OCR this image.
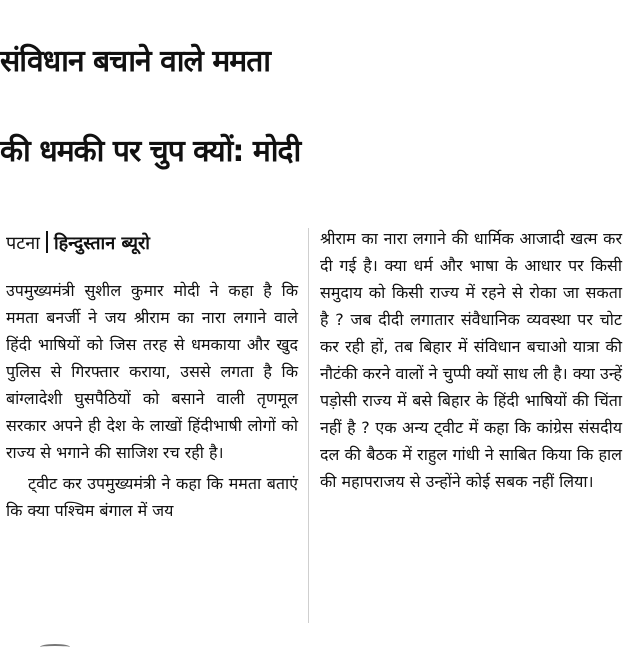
संविधान बचाने वाले ममता
की धमकी पर चुप क्यों: मोदी
पटना हिन्दुस्तान ब्यूरो

उपमुख्यमंत्री सुशील कुमार मोदी ने कहा है कि ममता बनर्जी ने जय श्रीराम का नारा लगाने वाले हिंदी भाषियों को जिस तरह से धमकाया और खुद पुलिस से गिरफ्तार कराया, उससे लगता है कि बांग्लादेशी घुसपैठियों को बसाने वाली तृणमूल सरकार अपने ही देश के लाखों हिंदीभाषी लोगों को राज्य से भगाने की साजिश रच रही है।

ट्वीट कर उपमुख्यमंत्री ने कहा कि ममता बताएं कि क्या पश्चिम बंगाल में जय

श्रीराम का नारा लगाने की धार्मिक आजादी खत्म कर दी गई है। क्या धर्म और भाषा के आधार पर किसी समुदाय को किसी राज्य में रहने से रोका जा सकता है ? जब दीदी लगातार संवैधानिक व्यवस्था पर चोट कर रही हों, तब बिहार में संविधान बचाओ यात्रा की नौटंकी करने वालों ने चुप्पी क्यों साध ली है। क्या उन्हें पड़ोसी राज्य में बसे बिहार के हिंदी भाषियों की चिंता नहीं है ? एक अन्य ट्वीट में कहा कि कांग्रेस संसदीय दल की बैठक में राहुल गांधी ने साबित किया कि हाल की महापराजय से उन्होंने कोई सबक नहीं लिया।
